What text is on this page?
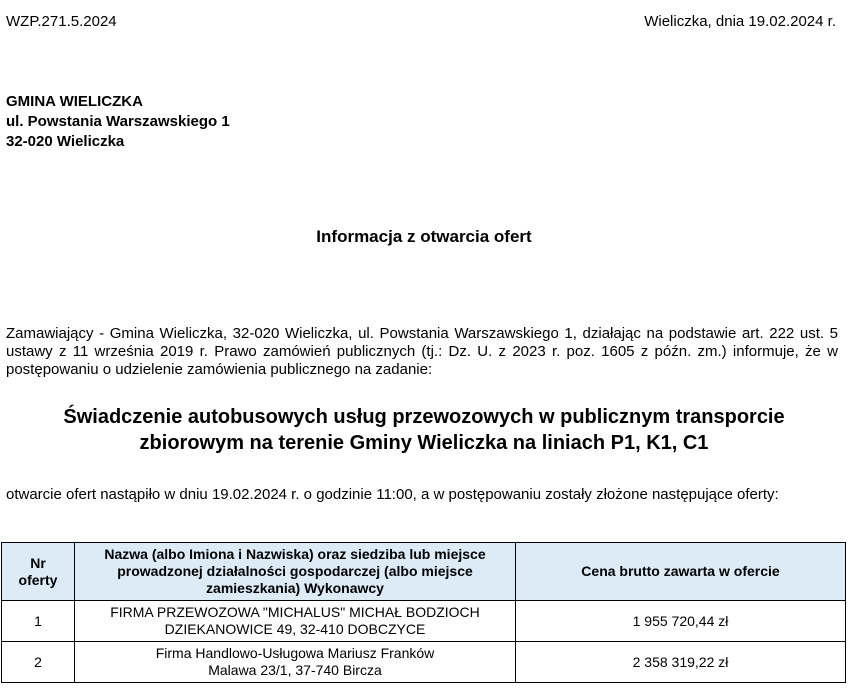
WZP.271.5.2024	Wieliczka, dnia 19.02.2024 r.
GMINA WIELICZKA
ul. Powstania Warszawskiego 1
32-020 Wieliczka
Informacja z otwarcia ofert
Zamawiający - Gmina Wieliczka, 32-020 Wieliczka, ul. Powstania Warszawskiego 1, działając na podstawie art. 222 ust. 5 ustawy z 11 września 2019 r. Prawo zamówień publicznych (tj.: Dz. U. z 2023 r. poz. 1605 z późn. zm.) informuje, że w postępowaniu o udzielenie zamówienia publicznego na zadanie:
Świadczenie autobusowych usług przewozowych w publicznym transporcie
zbiorowym na terenie Gminy Wieliczka na liniach P1, K1, C1
otwarcie ofert nastąpiło w dniu 19.02.2024 r. o godzinie 11:00, a w postępowaniu zostały złożone następujące oferty:
Nr
oferty	Nazwa (albo Imiona i Nazwiska) oraz siedziba lub miejsce
prowadzonej działalności gospodarczej (albo miejsce
zamieszkania) Wykonawcy	Cena brutto zawarta w ofercie
1	FIRMA PRZEWOZOWA "MICHALUS" MICHAŁ BODZIOCH
DZIEKANOWICE 49, 32-410 DOBCZYCE	1 955 720,44 zł
2	Firma Handlowo-Usługowa Mariusz Franków
Malawa 23/1, 37-740 Bircza	2 358 319,22 zł
